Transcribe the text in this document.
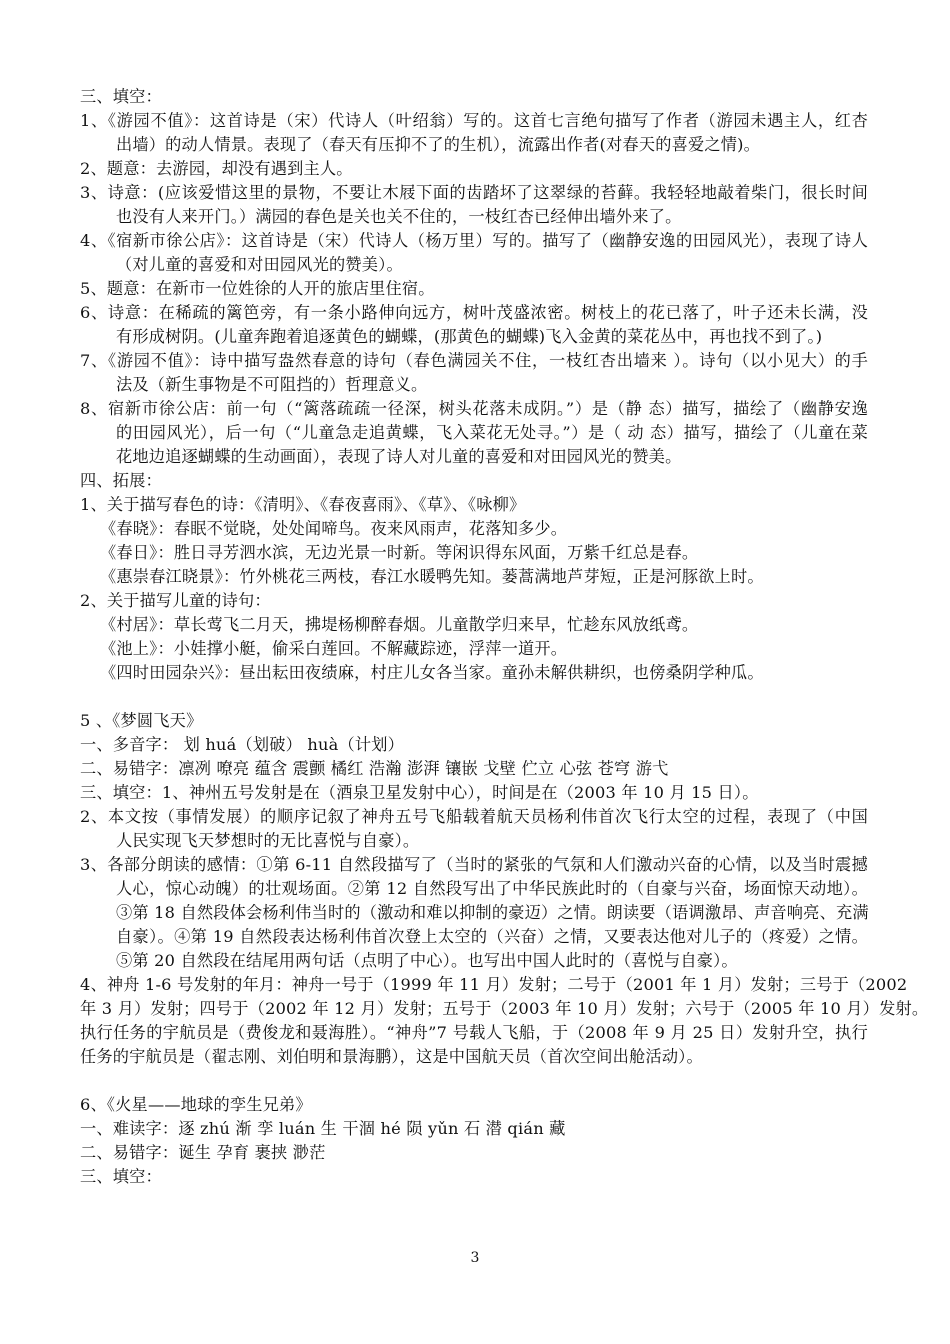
三、填空：
1、《游园不值》：这首诗是（宋）代诗人（叶绍翁）写的。这首七言绝句描写了作者（游园未遇主人，红杏
出墙）的动人情景。表现了（春天有压抑不了的生机），流露出作者(对春天的喜爱之情)。
2、题意：去游园，却没有遇到主人。
3、诗意：(应该爱惜这里的景物，不要让木屐下面的齿踏坏了这翠绿的苔藓。我轻轻地敲着柴门，很长时间
也没有人来开门。）满园的春色是关也关不住的，一枝红杏已经伸出墙外来了。
4、《宿新市徐公店》：这首诗是（宋）代诗人（杨万里）写的。描写了（幽静安逸的田园风光），表现了诗人
（对儿童的喜爱和对田园风光的赞美）。
5、题意：在新市一位姓徐的人开的旅店里住宿。
6、诗意：在稀疏的篱笆旁，有一条小路伸向远方，树叶茂盛浓密。树枝上的花已落了，叶子还未长满，没
有形成树阴。(儿童奔跑着追逐黄色的蝴蝶，(那黄色的蝴蝶)飞入金黄的菜花丛中，再也找不到了。)
7、《游园不值》：诗中描写盎然春意的诗句（春色满园关不住，一枝红杏出墙来 ）。诗句（以小见大）的手
法及（新生事物是不可阻挡的）哲理意义。
8、宿新市徐公店：前一句（“篱落疏疏一径深，树头花落未成阴。”）是（静 态）描写，描绘了（幽静安逸
的田园风光），后一句（“儿童急走追黄蝶，飞入菜花无处寻。”）是（ 动 态）描写，描绘了（儿童在菜
花地边追逐蝴蝶的生动画面），表现了诗人对儿童的喜爱和对田园风光的赞美。
四、拓展：
1、关于描写春色的诗：《清明》、《春夜喜雨》、《草》、《咏柳》
《春晓》：春眠不觉晓，处处闻啼鸟。夜来风雨声，花落知多少。
《春日》：胜日寻芳泗水滨，无边光景一时新。等闲识得东风面，万紫千红总是春。
《惠崇春江晓景》：竹外桃花三两枝，春江水暖鸭先知。蒌蒿满地芦芽短，正是河豚欲上时。
2、关于描写儿童的诗句：
《村居》：草长莺飞二月天，拂堤杨柳醉春烟。儿童散学归来早，忙趁东风放纸鸢。
《池上》：小娃撑小艇，偷采白莲回。不解藏踪迹，浮萍一道开。
《四时田园杂兴》：昼出耘田夜绩麻，村庄儿女各当家。童孙未解供耕织，也傍桑阴学种瓜。
5 、《梦圆飞天》
一、多音字： 划 huá（划破） huà（计划）
二、易错字：凛冽 嘹亮 蕴含 震颤 橘红 浩瀚 澎湃 镶嵌 戈壁 伫立 心弦 苍穹 游弋
三、填空：1、神州五号发射是在（酒泉卫星发射中心），时间是在（2003 年 10 月 15 日）。
2、本文按（事情发展）的顺序记叙了神舟五号飞船载着航天员杨利伟首次飞行太空的过程，表现了（中国
人民实现飞天梦想时的无比喜悦与自豪）。
3、各部分朗读的感情：①第 6-11 自然段描写了（当时的紧张的气氛和人们激动兴奋的心情，以及当时震撼
人心，惊心动魄）的壮观场面。②第 12 自然段写出了中华民族此时的（自豪与兴奋，场面惊天动地）。
③第 18 自然段体会杨利伟当时的（激动和难以抑制的豪迈）之情。朗读要（语调激昂、声音响亮、充满
自豪）。④第 19 自然段表达杨利伟首次登上太空的（兴奋）之情，又要表达他对儿子的（疼爱）之情。
⑤第 20 自然段在结尾用两句话（点明了中心）。也写出中国人此时的（喜悦与自豪）。
4、神舟 1-6 号发射的年月：神舟一号于（1999 年 11 月）发射；二号于（2001 年 1 月）发射；三号于（2002
年 3 月）发射；四号于（2002 年 12 月）发射；五号于（2003 年 10 月）发射；六号于（2005 年 10 月）发射。
执行任务的宇航员是（费俊龙和聂海胜）。“神舟”7 号载人飞船，于（2008 年 9 月 25 日）发射升空，执行
任务的宇航员是（翟志刚、刘伯明和景海鹏），这是中国航天员（首次空间出舱活动）。
6、《火星——地球的孪生兄弟》
一、难读字：逐 zhú 渐 孪 luán 生 干涸 hé 陨 yǔn 石 潜 qián 藏
二、易错字：诞生 孕育 裹挟 渺茫
三、填空：
3
